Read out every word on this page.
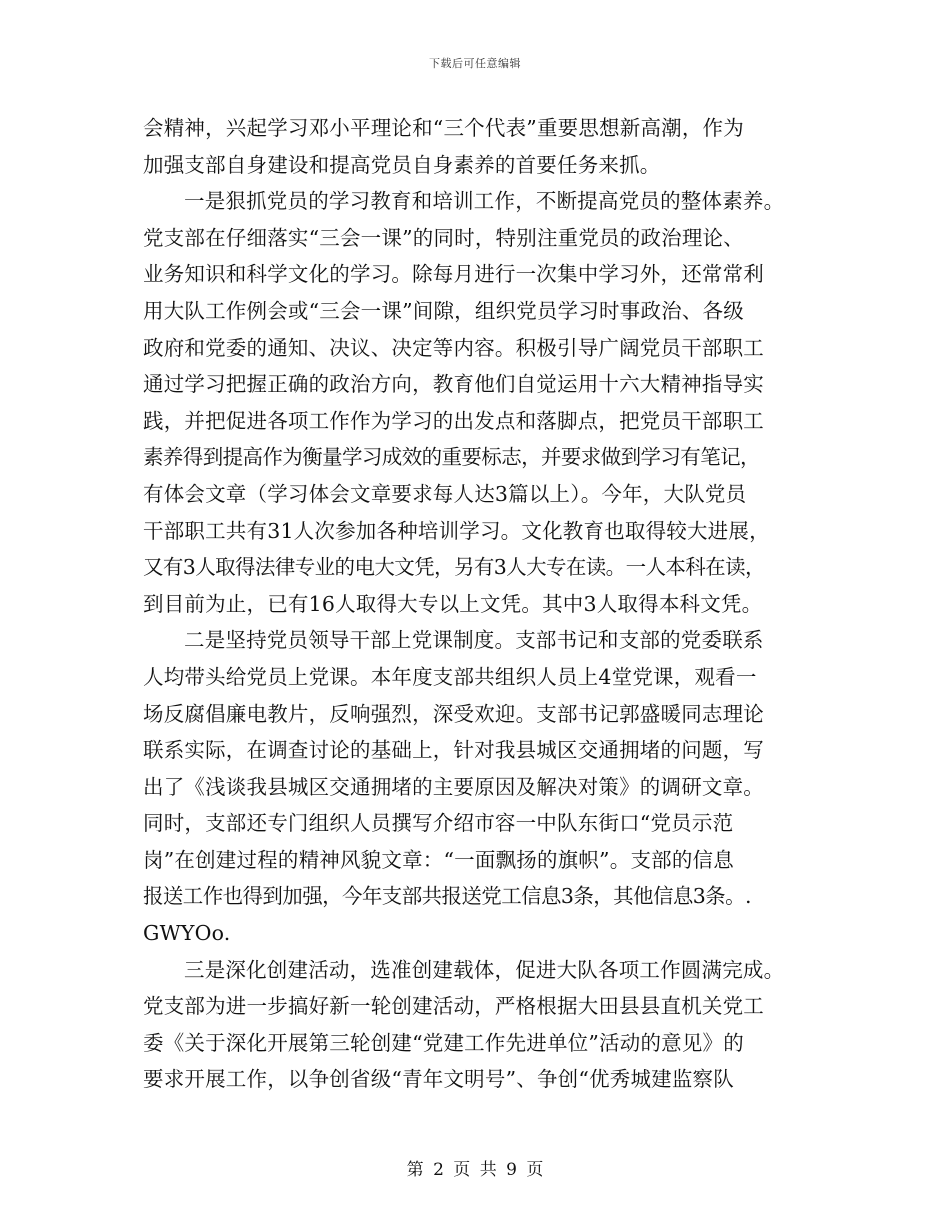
下载后可任意编辑
会精神，兴起学习邓小平理论和“三个代表”重要思想新高潮，作为
加强支部自身建设和提高党员自身素养的首要任务来抓。
一是狠抓党员的学习教育和培训工作，不断提高党员的整体素养。
党支部在仔细落实“三会一课”的同时，特别注重党员的政治理论、
业务知识和科学文化的学习。除每月进行一次集中学习外，还常常利
用大队工作例会或“三会一课”间隙，组织党员学习时事政治、各级
政府和党委的通知、决议、决定等内容。积极引导广阔党员干部职工
通过学习把握正确的政治方向，教育他们自觉运用十六大精神指导实
践，并把促进各项工作作为学习的出发点和落脚点，把党员干部职工
素养得到提高作为衡量学习成效的重要标志，并要求做到学习有笔记，
有体会文章（学习体会文章要求每人达3篇以上）。今年，大队党员
干部职工共有31人次参加各种培训学习。文化教育也取得较大进展，
又有3人取得法律专业的电大文凭，另有3人大专在读。一人本科在读，
到目前为止，已有16人取得大专以上文凭。其中3人取得本科文凭。
二是坚持党员领导干部上党课制度。支部书记和支部的党委联系
人均带头给党员上党课。本年度支部共组织人员上4堂党课，观看一
场反腐倡廉电教片，反响强烈，深受欢迎。支部书记郭盛暖同志理论
联系实际，在调查讨论的基础上，针对我县城区交通拥堵的问题，写
出了《浅谈我县城区交通拥堵的主要原因及解决对策》的调研文章。
同时，支部还专门组织人员撰写介绍市容一中队东街口“党员示范
岗”在创建过程的精神风貌文章：“一面飘扬的旗帜”。支部的信息
报送工作也得到加强，今年支部共报送党工信息3条，其他信息3条。.
GWYOo.
三是深化创建活动，选准创建载体，促进大队各项工作圆满完成。
党支部为进一步搞好新一轮创建活动，严格根据大田县县直机关党工
委《关于深化开展第三轮创建“党建工作先进单位”活动的意见》的
要求开展工作，以争创省级“青年文明号”、争创“优秀城建监察队
第 2 页 共 9 页
